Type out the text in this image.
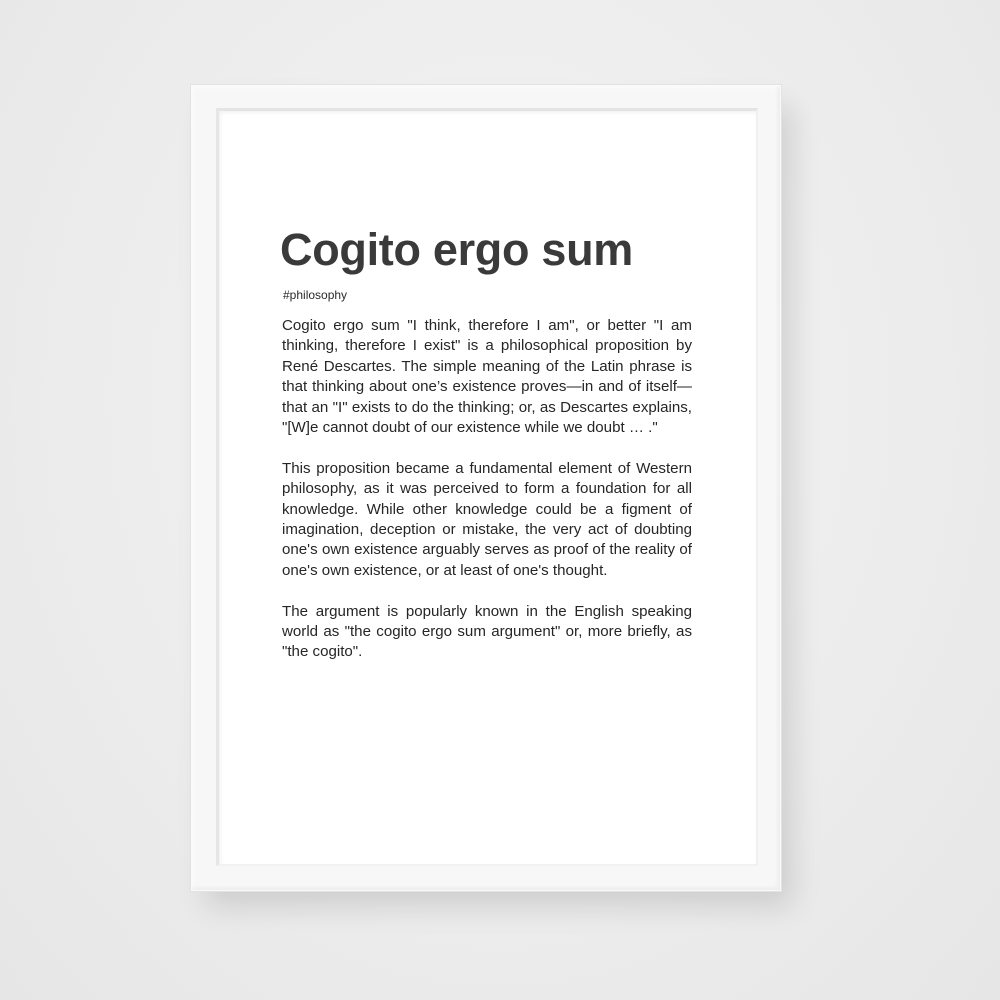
Cogito ergo sum
#philosophy

Cogito ergo sum "I think, therefore I am", or better "I am thinking, therefore I exist" is a philosophical proposition by René Descartes. The simple meaning of the Latin phrase is that thinking about one’s existence proves—in and of itself—that an "I" exists to do the thinking; or, as Descartes explains, "[W]e cannot doubt of our existence while we doubt … ."

This proposition became a fundamental element of Western philosophy, as it was perceived to form a foundation for all knowledge. While other knowledge could be a figment of imagination, deception or mistake, the very act of doubting one's own existence arguably serves as proof of the reality of one's own existence, or at least of one's thought.

The argument is popularly known in the English speaking world as "the cogito ergo sum argument" or, more briefly, as "the cogito".
